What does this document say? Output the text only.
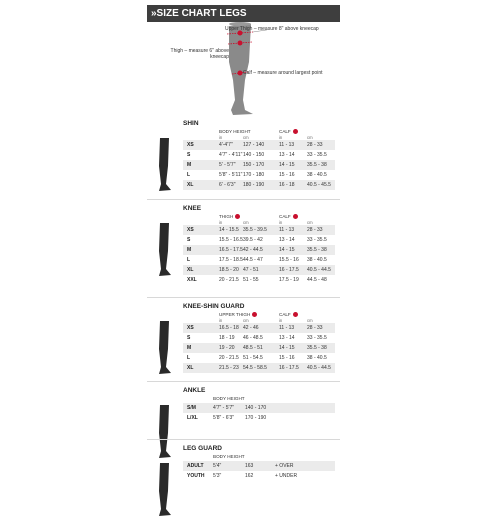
»SIZE CHART LEGS
Upper Thigh – measure 8" above kneecap
Thigh – measure 6" above kneecap
Calf – measure around largest point
SHIN
BODY HEIGHT	CALF
in	cm	in	cm
XS	4'-4'7" 127 - 140	11 - 13	28 - 33
S	4'7" - 4'11" 140 - 150	13 - 14 33 - 35.5
M	5' - 5'7" 150 - 170	14 - 15 35.5 - 38
L	5'8" - 5'11" 170 - 180	15 - 16 38 - 40.5
XL	6' - 6'3" 180 - 190	16 - 18 40.5 - 45.5
KNEE
THIGH	CALF
in	cm	in	cm
XS	14 - 15.5 35.5 - 39.5 11 - 13	28 - 33
S	15.5 - 16.5 39.5 - 42	13 - 14 33 - 35.5
M	16.5 - 17.5 42 - 44.5	14 - 15 35.5 - 38
L	17.5 - 18.5 44.5 - 47	15.5 - 16 38 - 40.5
XL	18.5 - 20 47 - 51	16 - 17.5 40.5 - 44.5
XXL	20 - 21.5 51 - 55	17.5 - 19 44.5 - 48
KNEE-SHIN GUARD
UPPER THIGH	CALF
in	cm	in	cm
XS	16.5 - 18 42 - 46	11 - 13	28 - 33
S	18 - 19 46 - 48.5	13 - 14 33 - 35.5
M	19 - 20 48.5 - 51	14 - 15 35.5 - 38
L	20 - 21.5 51 - 54.5	15 - 16 38 - 40.5
XL	21.5 - 23 54.5 - 58.5 16 - 17.5 40.5 - 44.5
ANKLE
BODY HEIGHT
S/M	4'7" - 5'7" 140 - 170
L/XL	5'8" - 6'3" 170 - 190
LEG GUARD
BODY HEIGHT
ADULT 5'4"	163	+ OVER
YOUTH 5'3"	162	+ UNDER
